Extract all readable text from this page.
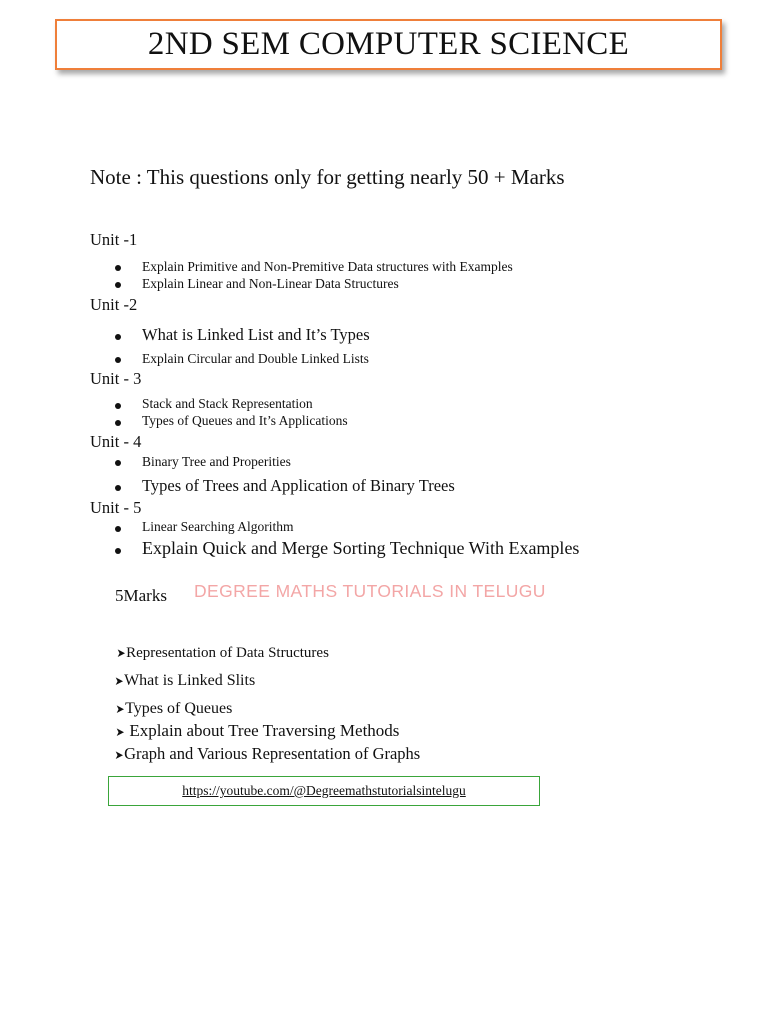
2ND SEM COMPUTER SCIENCE
Note : This questions only for getting nearly 50 + Marks
Unit -1
Explain Primitive and Non-Premitive Data structures with Examples
Explain Linear and Non-Linear Data Structures
Unit -2
What is Linked List and It’s Types
Explain Circular and Double Linked Lists
Unit - 3
Stack and Stack Representation
Types of Queues and It’s Applications
Unit - 4
Binary Tree and Properities
Types of Trees and Application of Binary Trees
Unit - 5
Linear Searching Algorithm
Explain Quick and Merge Sorting Technique With Examples
DEGREE MATHS TUTORIALS IN TELUGU
5Marks
➤Representation of Data Structures
➤What is Linked Slits
➤Types of Queues
➤ Explain about Tree Traversing Methods
➤Graph and Various Representation of Graphs
https://youtube.com/@Degreemathstutorialsintelugu
